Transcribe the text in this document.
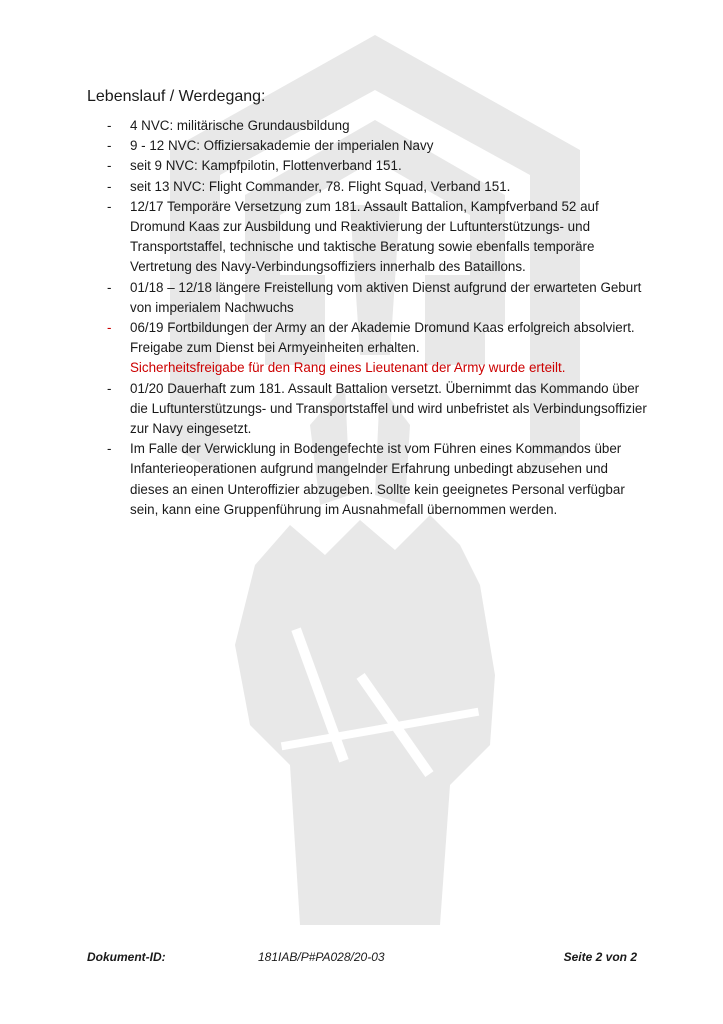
Lebenslauf / Werdegang:
- 4 NVC: militärische Grundausbildung
- 9 - 12 NVC: Offiziersakademie der imperialen Navy
- seit 9 NVC: Kampfpilotin, Flottenverband 151.
- seit 13 NVC: Flight Commander, 78. Flight Squad, Verband 151.
- 12/17 Temporäre Versetzung zum 181. Assault Battalion, Kampfverband 52 auf Dromund Kaas zur Ausbildung und Reaktivierung der Luftunterstützungs- und Transportstaffel, technische und taktische Beratung sowie ebenfalls temporäre Vertretung des Navy-Verbindungsoffiziers innerhalb des Bataillons.
- 01/18 – 12/18 längere Freistellung vom aktiven Dienst aufgrund der erwarteten Geburt von imperialem Nachwuchs
- 06/19 Fortbildungen der Army an der Akademie Dromund Kaas erfolgreich absolviert. Freigabe zum Dienst bei Armyeinheiten erhalten.
Sicherheitsfreigabe für den Rang eines Lieutenant der Army wurde erteilt.
- 01/20 Dauerhaft zum 181. Assault Battalion versetzt. Übernimmt das Kommando über die Luftunterstützungs- und Transportstaffel und wird unbefristet als Verbindungsoffizier zur Navy eingesetzt.
- Im Falle der Verwicklung in Bodengefechte ist vom Führen eines Kommandos über Infanterieoperationen aufgrund mangelnder Erfahrung unbedingt abzusehen und dieses an einen Unteroffizier abzugeben. Sollte kein geeignetes Personal verfügbar sein, kann eine Gruppenführung im Ausnahmefall übernommen werden.
Dokument-ID:	181IAB/P#PA028/20-03	Seite 2 von 2
